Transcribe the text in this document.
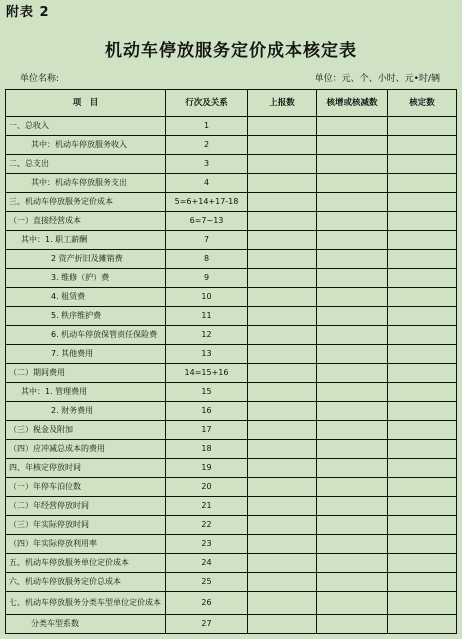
附表 2
机动车停放服务定价成本核定表
单位名称:	单位：元、个、小时、元•时/辆
项　目	行次及关系	上报数	核增或核减数	核定数
一、总收入	1			
其中：机动车停放服务收入	2			
二、总支出	3			
其中：机动车停放服务支出	4			
三、机动车停放服务定价成本	5=6+14+17-18			
（一）直接经营成本	6=7~13			
其中：1. 职工薪酬	7			
2 资产折旧及摊销费	8			
3. 维修（护）费	9			
4. 租赁费	10			
5. 秩序维护费	11			
6. 机动车停放保管责任保险费	12			
7. 其他费用	13			
（二）期间费用	14=15+16			
其中：1. 管理费用	15			
2. 财务费用	16			
（三）税金及附加	17			
（四）应冲减总成本的费用	18			
四、年核定停放时间	19			
（一）年停车泊位数	20			
（二）年经营停放时间	21			
（三）年实际停放时间	22			
（四）年实际停放利用率	23			
五、机动车停放服务单位定价成本	24			
六、机动车停放服务定价总成本	25			
七、机动车停放服务分类车型单位定价成本	26			
分类车型系数	27			
